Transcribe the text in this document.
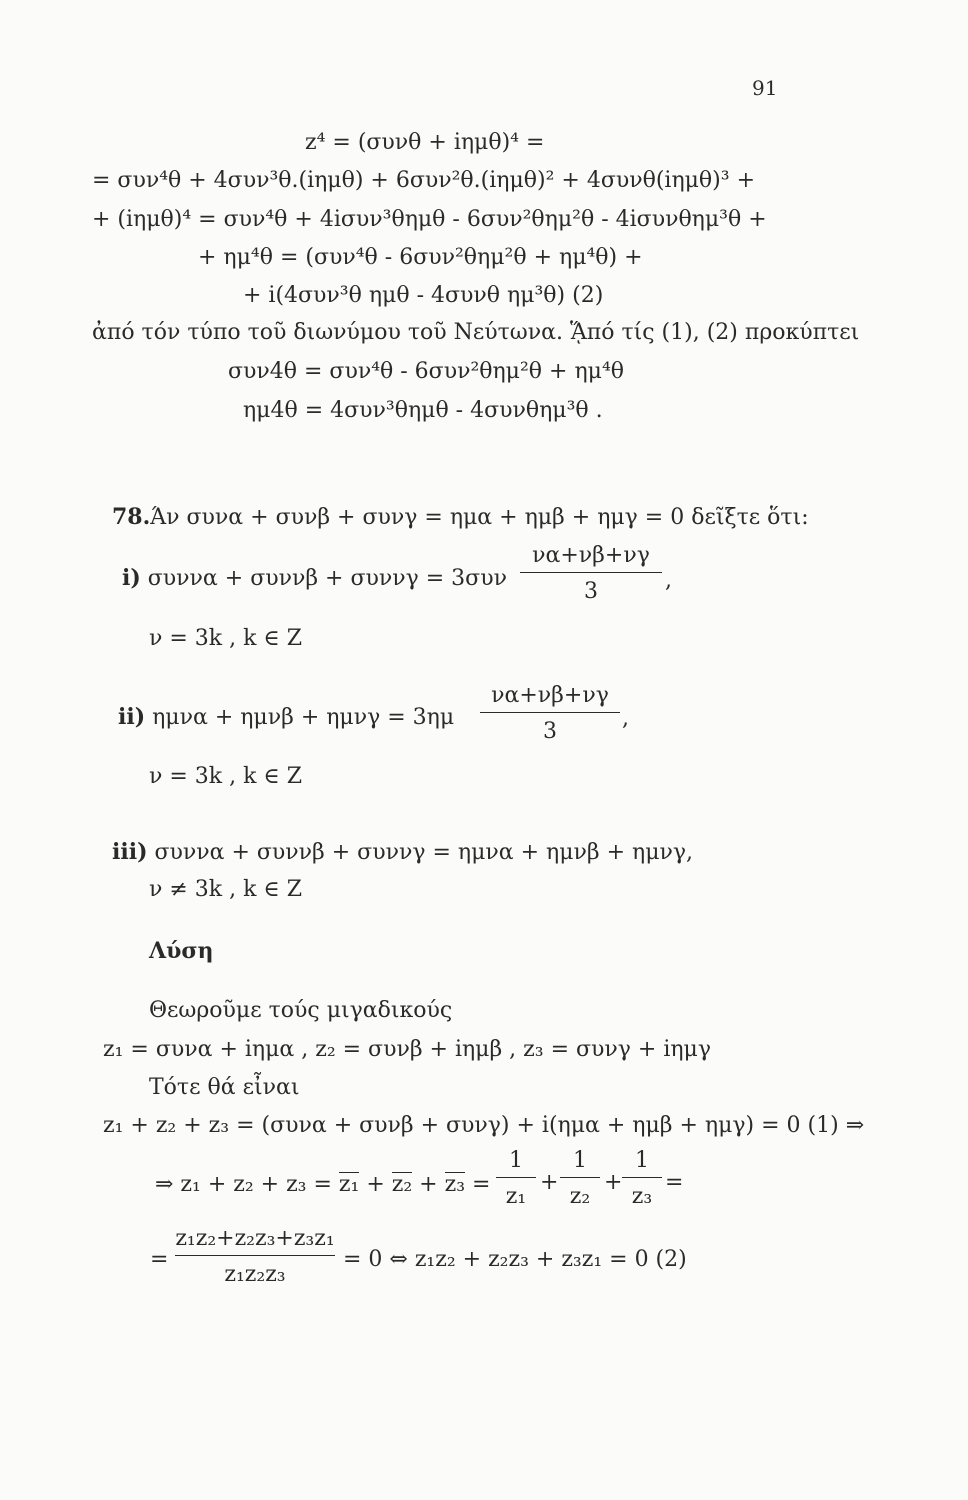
91
z⁴ = (συνθ + iημθ)⁴ =
= συν⁴θ + 4συν³θ.(iημθ) + 6συν²θ.(iημθ)² + 4συνθ(iημθ)³ +
+ (iημθ)⁴ = συν⁴θ + 4iσυν³θημθ - 6συν²θημ²θ - 4iσυνθημ³θ +
+ ημ⁴θ = (συν⁴θ - 6συν²θημ²θ + ημ⁴θ) +
+ i(4συν³θ ημθ - 4συνθ ημ³θ) (2)
ἀπό τόν τύπο τοῦ διωνύμου τοῦ Νεύτωνα. ᾍπό τίς (1), (2) προκύπτει
συν4θ = συν⁴θ - 6συν²θημ²θ + ημ⁴θ
ημ4θ = 4συν³θημθ - 4συνθημ³θ .
78.Άν συνα + συνβ + συνγ = ημα + ημβ + ημγ = 0 δεῖξτε ὅτι:
i) συννα + συννβ + συννγ = 3συν
να+νβ+νγ
3	,
ν = 3k , k ∈ Z
ii) ημνα + ημνβ + ημνγ = 3ημ
να+νβ+νγ
3
,
ν = 3k , k ∈ Z
iii) συννα + συννβ + συννγ = ημνα + ημνβ + ημνγ,
ν ≠ 3k , k ∈ Z
Λύση
Θεωροῦμε τούς μιγαδικούς
z₁ = συνα + iημα , z₂ = συνβ + iημβ , z₃ = συνγ + iημγ
Τότε θά εἶναι
z₁ + z₂ + z₃ = (συνα + συνβ + συνγ) + i(ημα + ημβ + ημγ) = 0 (1) ⇒
⇒ z₁ + z₂ + z₃ = z₁ + z₂ + z₃ =
1
z₁
+
1
z₂
+
1
z₃
=
=
z₁z₂+z₂z₃+z₃z₁
z₁z₂z₃
= 0 ⇔ z₁z₂ + z₂z₃ + z₃z₁ = 0 (2)
